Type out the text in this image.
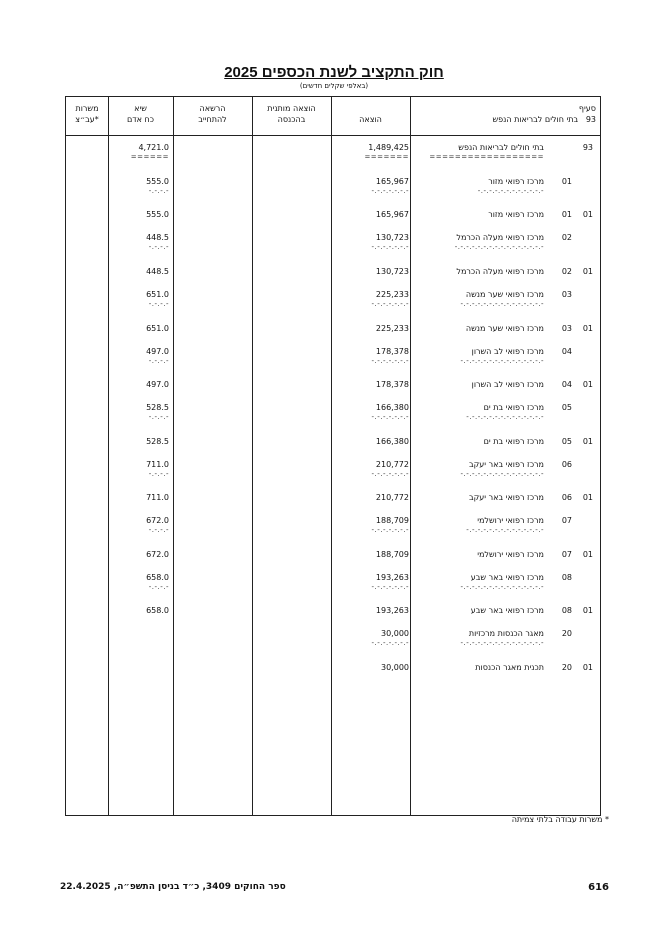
חוק התקציב לשנת הכספים 2025
(באלפי שקלים חדשים)
סעיף
93   בתי חולים לבריאות הנפש
הוצאה
הוצאה מותנית
בהכנסה
הרשאה
להתחייב
שיא
כח אדם
משרות
עב״צ*
93
בתי חולים לבריאות הנפש
1,489,425
4,721.0
==================
=======
======
01
מרכז רפואי מזור
165,967
555.0
-.-.-.-.-.-.-.-.-.-.-.-
-.-.-.-.-.-.-
-.-.-.-
01
01
מרכז רפואי מזור
165,967
555.0
02
מרכז רפואי מעלה הכרמל
130,723
448.5
-.-.-.-.-.-.-.-.-.-.-.-.-.-.-.-
-.-.-.-.-.-.-
-.-.-.-
01
02
מרכז רפואי מעלה הכרמל
130,723
448.5
03
מרכז רפואי שער מנשה
225,233
651.0
-.-.-.-.-.-.-.-.-.-.-.-.-.-.-
-.-.-.-.-.-.-
-.-.-.-
01
03
מרכז רפואי שער מנשה
225,233
651.0
04
מרכז רפואי לב השרון
178,378
497.0
-.-.-.-.-.-.-.-.-.-.-.-.-.-.-
-.-.-.-.-.-.-
-.-.-.-
01
04
מרכז רפואי לב השרון
178,378
497.0
05
מרכז רפואי בת ים
166,380
528.5
-.-.-.-.-.-.-.-.-.-.-.-.-.-
-.-.-.-.-.-.-
-.-.-.-
01
05
מרכז רפואי בת ים
166,380
528.5
06
מרכז רפואי באר יעקב
210,772
711.0
-.-.-.-.-.-.-.-.-.-.-.-.-.-.-
-.-.-.-.-.-.-
-.-.-.-
01
06
מרכז רפואי באר יעקב
210,772
711.0
07
מרכז רפואי ירושלמי
188,709
672.0
-.-.-.-.-.-.-.-.-.-.-.-.-.-
-.-.-.-.-.-.-
-.-.-.-
01
07
מרכז רפואי ירושלמי
188,709
672.0
08
מרכז רפואי באר שבע
193,263
658.0
-.-.-.-.-.-.-.-.-.-.-.-.-.-.-
-.-.-.-.-.-.-
-.-.-.-
01
08
מרכז רפואי באר שבע
193,263
658.0
20
מאגר הכנסות מרכזיות
30,000
-.-.-.-.-.-.-.-.-.-.-.-.-.-.-
-.-.-.-.-.-.-
01
20
תכנית מאגר הכנסות
30,000
* משרות עבודה בלתי צמיתה
ספר החוקים 3409, כ״ד בניסן התשפ״ה, 22.4.2025	616
